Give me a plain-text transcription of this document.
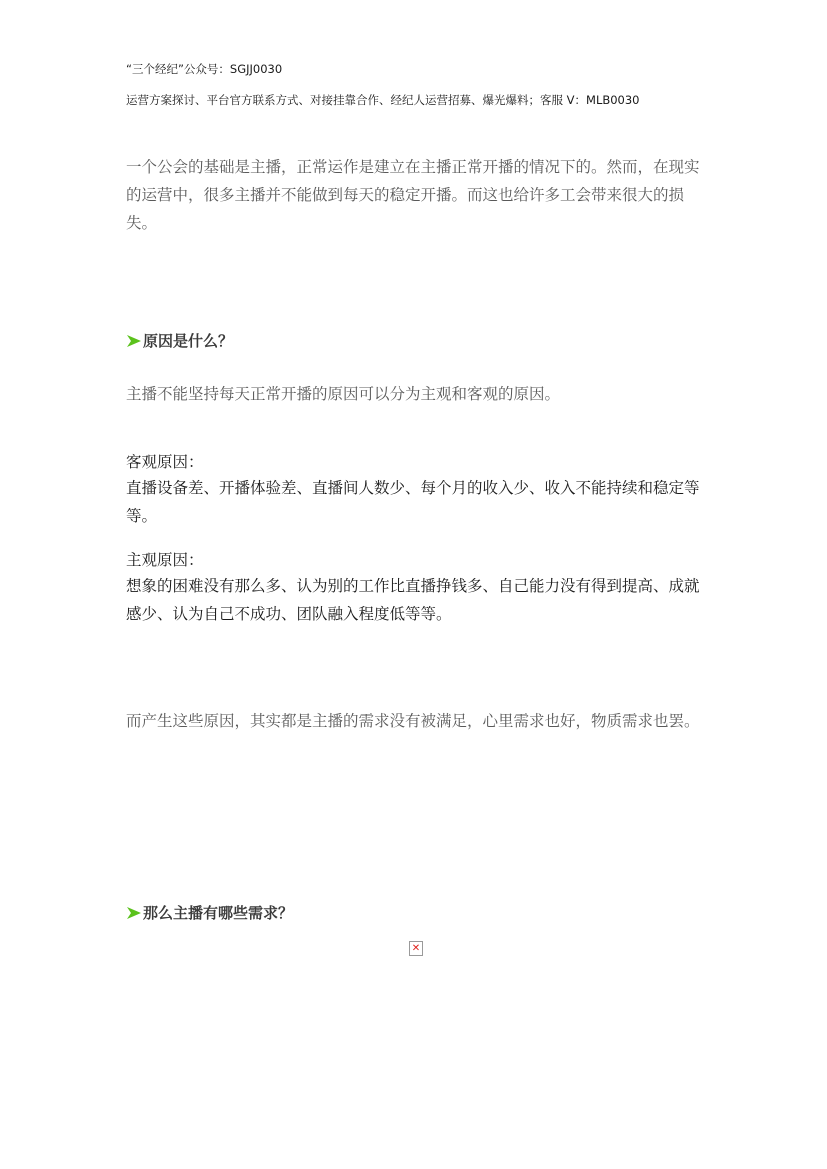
“三个经纪”公众号：SGJJ0030
运营方案探讨、平台官方联系方式、对接挂靠合作、经纪人运营招募、爆光爆料；客服 V：MLB0030
一个公会的基础是主播，正常运作是建立在主播正常开播的情况下的。然而，在现实的运营中，很多主播并不能做到每天的稳定开播。而这也给许多工会带来很大的损失。
原因是什么？
主播不能坚持每天正常开播的原因可以分为主观和客观的原因。
客观原因：
直播设备差、开播体验差、直播间人数少、每个月的收入少、收入不能持续和稳定等等。
主观原因：
想象的困难没有那么多、认为别的工作比直播挣钱多、自己能力没有得到提高、成就感少、认为自己不成功、团队融入程度低等等。
而产生这些原因，其实都是主播的需求没有被满足，心里需求也好，物质需求也罢。
那么主播有哪些需求？
✕
